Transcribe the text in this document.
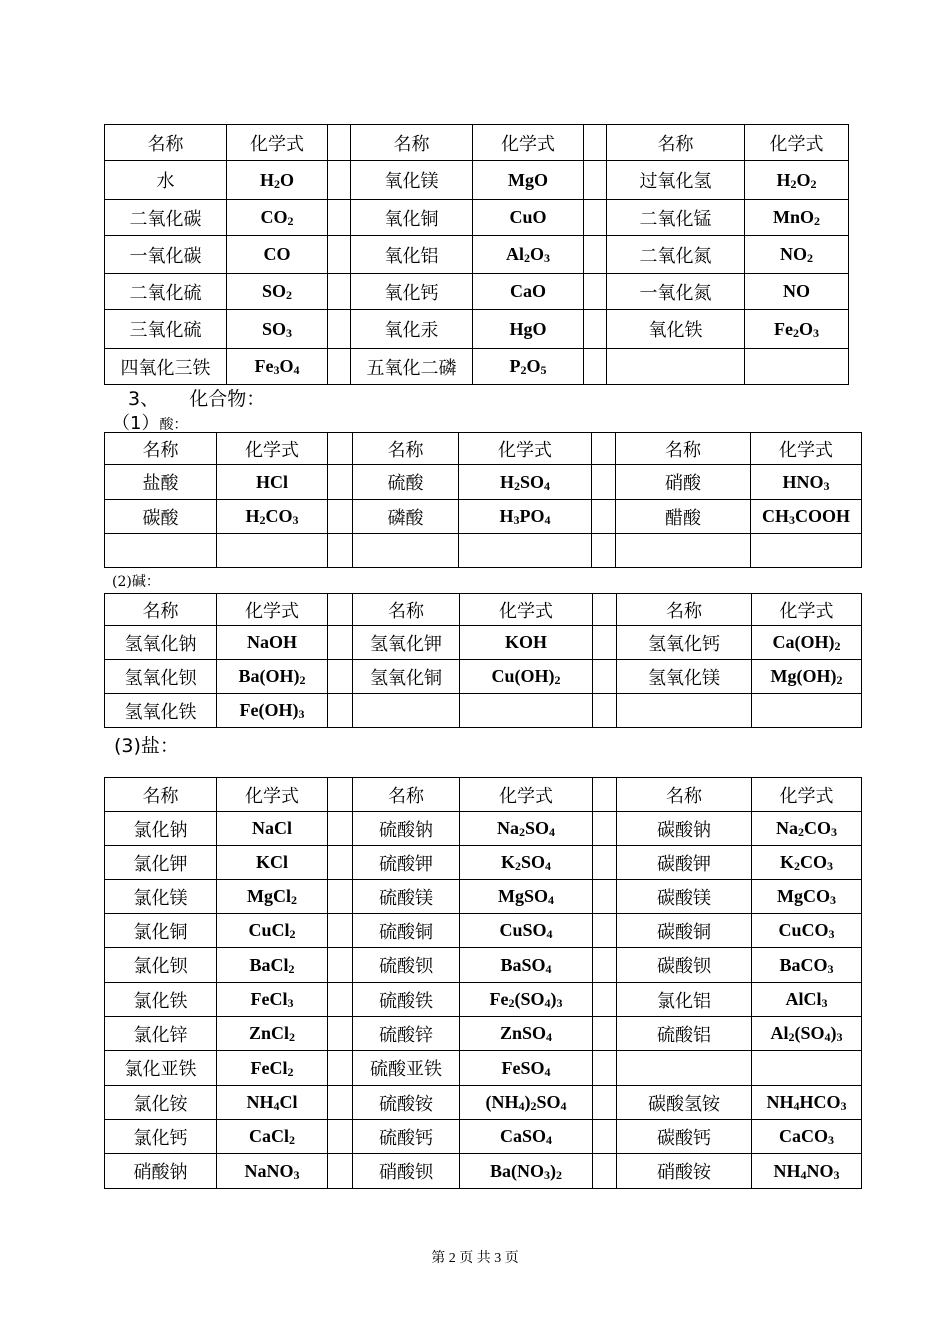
名称	化学式		名称	化学式		名称	化学式
水	$H_2O$		氧化镁	MgO		过氧化氢	$H_2O_2$
二氧化碳	$CO_2$		氧化铜	CuO		二氧化锰	MnO$_2$
一氧化碳	CO		氧化铝	$Al_2O_3$		二氧化氮	$NO_2$
二氧化硫	$SO_2$		氧化钙	CaO		一氧化氮	NO
三氧化硫	$SO_3$		氧化汞	HgO		氧化铁	$Fe_2O_3$
四氧化三铁	$Fe_3O_4$		五氧化二磷	$P_2O_5$			
3、 化合物：
（1）酸：
名称	化学式		名称	化学式		名称	化学式
盐酸	HCl		硫酸	$H_2SO_4$		硝酸	$HNO_3$
碳酸	$H_2CO_3$		磷酸	$H_3PO_4$		醋酸	$CH_3COOH$

(2)碱：
名称	化学式		名称	化学式		名称	化学式
氢氧化钠	NaOH		氢氧化钾	KOH		氢氧化钙	$Ca(OH)_2$
氢氧化钡	$Ba(OH)_2$		氢氧化铜	$Cu(OH)_2$		氢氧化镁	$Mg(OH)_2$
氢氧化铁	$Fe(OH)_3$						
(3)盐：
名称	化学式		名称	化学式		名称	化学式
氯化钠	NaCl		硫酸钠	$Na_2SO_4$		碳酸钠	$Na_2CO_3$
氯化钾	KCl		硫酸钾	$K_2SO_4$		碳酸钾	$K_2CO_3$
氯化镁	MgCl$_2$		硫酸镁	MgSO$_4$		碳酸镁	MgCO$_3$
氯化铜	CuCl$_2$		硫酸铜	CuSO$_4$		碳酸铜	CuCO$_3$
氯化钡	BaCl$_2$		硫酸钡	BaSO$_4$		碳酸钡	BaCO$_3$
氯化铁	FeCl$_3$		硫酸铁	$Fe_2(SO_4)_3$		氯化铝	AlCl$_3$
氯化锌	ZnCl$_2$		硫酸锌	ZnSO$_4$		硫酸铝	$Al_2(SO_4)_3$
氯化亚铁	FeCl$_2$		硫酸亚铁	FeSO$_4$			
氯化铵	$NH_4Cl$		硫酸铵	$(NH_4)_2SO_4$		碳酸氢铵	$NH_4HCO_3$
氯化钙	CaCl$_2$		硫酸钙	CaSO$_4$		碳酸钙	CaCO$_3$
硝酸钠	NaNO$_3$		硝酸钡	$Ba(NO_3)_2$		硝酸铵	$NH_4NO_3$
第 2 页 共 3 页
